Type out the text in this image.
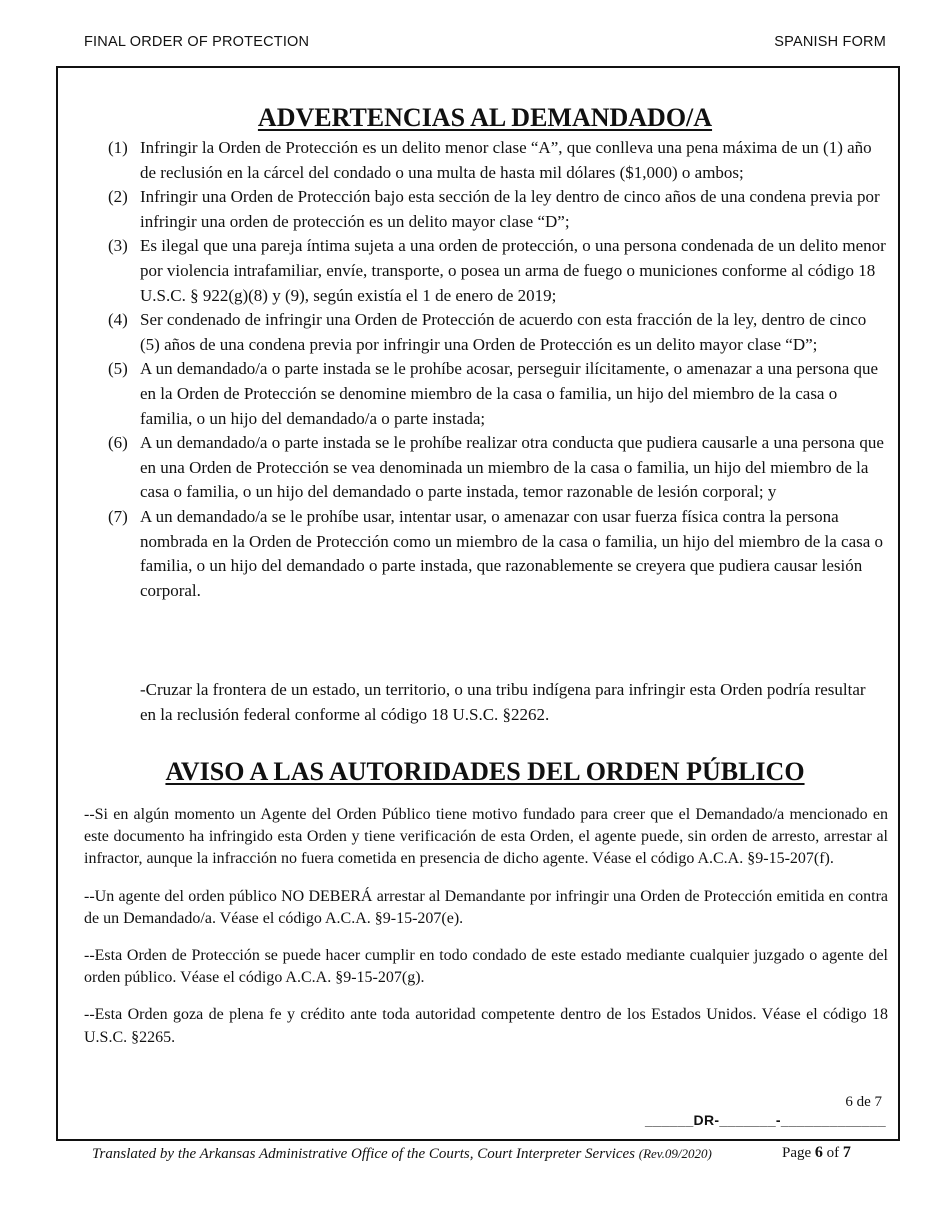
FINAL ORDER OF PROTECTION	SPANISH FORM
ADVERTENCIAS AL DEMANDADO/A
(1) Infringir la Orden de Protección es un delito menor clase “A”, que conlleva una pena máxima de un (1) año de reclusión en la cárcel del condado o una multa de hasta mil dólares ($1,000) o ambos;
(2) Infringir una Orden de Protección bajo esta sección de la ley dentro de cinco años de una condena previa por infringir una orden de protección es un delito mayor clase “D”;
(3) Es ilegal que una pareja íntima sujeta a una orden de protección, o una persona condenada de un delito menor por violencia intrafamiliar, envíe, transporte, o posea un arma de fuego o municiones conforme al código 18 U.S.C. § 922(g)(8) y (9), según existía el 1 de enero de 2019;
(4) Ser condenado de infringir una Orden de Protección de acuerdo con esta fracción de la ley, dentro de cinco (5) años de una condena previa por infringir una Orden de Protección es un delito mayor clase “D”;
(5) A un demandado/a o parte instada se le prohíbe acosar, perseguir ilícitamente, o amenazar a una persona que en la Orden de Protección se denomine miembro de la casa o familia, un hijo del miembro de la casa o familia, o un hijo del demandado/a o parte instada;
(6) A un demandado/a o parte instada se le prohíbe realizar otra conducta que pudiera causarle a una persona que en una Orden de Protección se vea denominada un miembro de la casa o familia, un hijo del miembro de la casa o familia, o un hijo del demandado o parte instada, temor razonable de lesión corporal; y
(7) A un demandado/a se le prohíbe usar, intentar usar, o amenazar con usar fuerza física contra la persona nombrada en la Orden de Protección como un miembro de la casa o familia, un hijo del miembro de la casa o familia, o un hijo del demandado o parte instada, que razonablemente se creyera que pudiera causar lesión corporal.

-Cruzar la frontera de un estado, un territorio, o una tribu indígena para infringir esta Orden podría resultar en la reclusión federal conforme al código 18 U.S.C. §2262.

AVISO A LAS AUTORIDADES DEL ORDEN PÚBLICO

--Si en algún momento un Agente del Orden Público tiene motivo fundado para creer que el Demandado/a mencionado en este documento ha infringido esta Orden y tiene verificación de esta Orden, el agente puede, sin orden de arresto, arrestar al infractor, aunque la infracción no fuera cometida en presencia de dicho agente. Véase el código A.C.A. §9-15-207(f).

--Un agente del orden público NO DEBERÁ arrestar al Demandante por infringir una Orden de Protección emitida en contra de un Demandado/a. Véase el código A.C.A. §9-15-207(e).

--Esta Orden de Protección se puede hacer cumplir en todo condado de este estado mediante cualquier juzgado o agente del orden público. Véase el código A.C.A. §9-15-207(g).

--Esta Orden goza de plena fe y crédito ante toda autoridad competente dentro de los Estados Unidos. Véase el código 18 U.S.C. §2265.

6 de 7
______DR-_______-_____________
Translated by the Arkansas Administrative Office of the Courts, Court Interpreter Services (Rev.09/2020)	Page 6 of 7
